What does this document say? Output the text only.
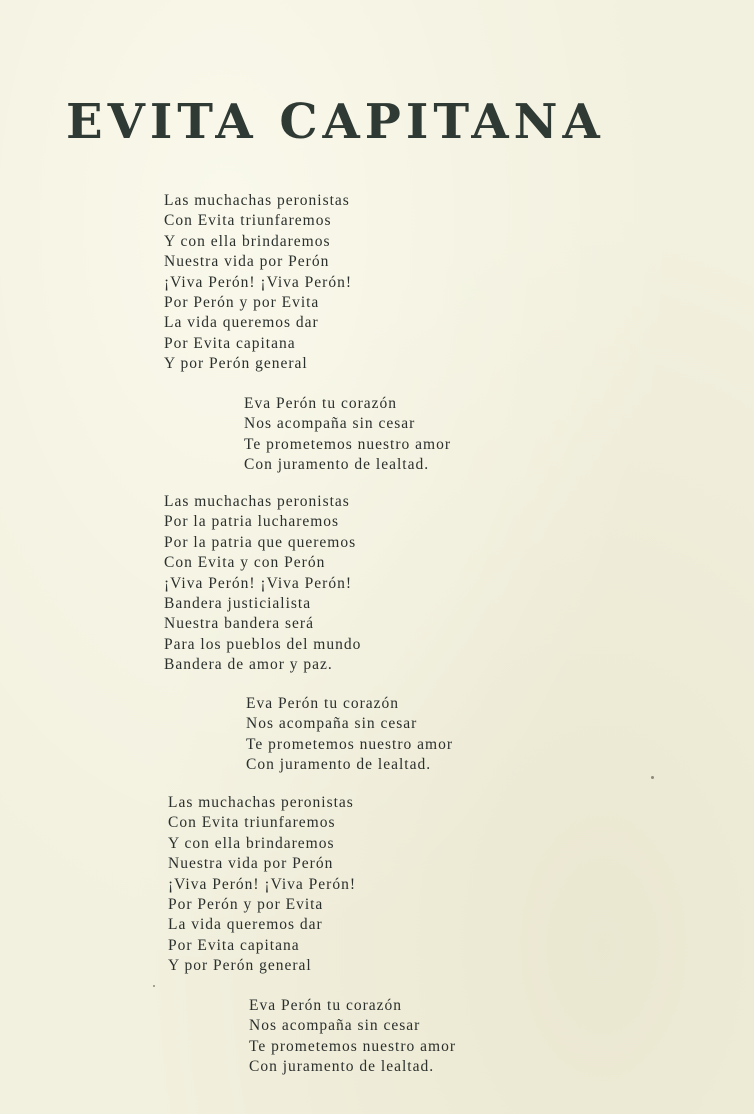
EVITA CAPITANA
Las muchachas peronistas
Con Evita triunfaremos
Y con ella brindaremos
Nuestra vida por Perón
¡Viva Perón! ¡Viva Perón!
Por Perón y por Evita
La vida queremos dar
Por Evita capitana
Y por Perón general
Eva Perón tu corazón
Nos acompaña sin cesar
Te prometemos nuestro amor
Con juramento de lealtad.
Las muchachas peronistas
Por la patria lucharemos
Por la patria que queremos
Con Evita y con Perón
¡Viva Perón! ¡Viva Perón!
Bandera justicialista
Nuestra bandera será
Para los pueblos del mundo
Bandera de amor y paz.
Eva Perón tu corazón
Nos acompaña sin cesar
Te prometemos nuestro amor
Con juramento de lealtad.
Las muchachas peronistas
Con Evita triunfaremos
Y con ella brindaremos
Nuestra vida por Perón
¡Viva Perón! ¡Viva Perón!
Por Perón y por Evita
La vida queremos dar
Por Evita capitana
Y por Perón general
Eva Perón tu corazón
Nos acompaña sin cesar
Te prometemos nuestro amor
Con juramento de lealtad.
